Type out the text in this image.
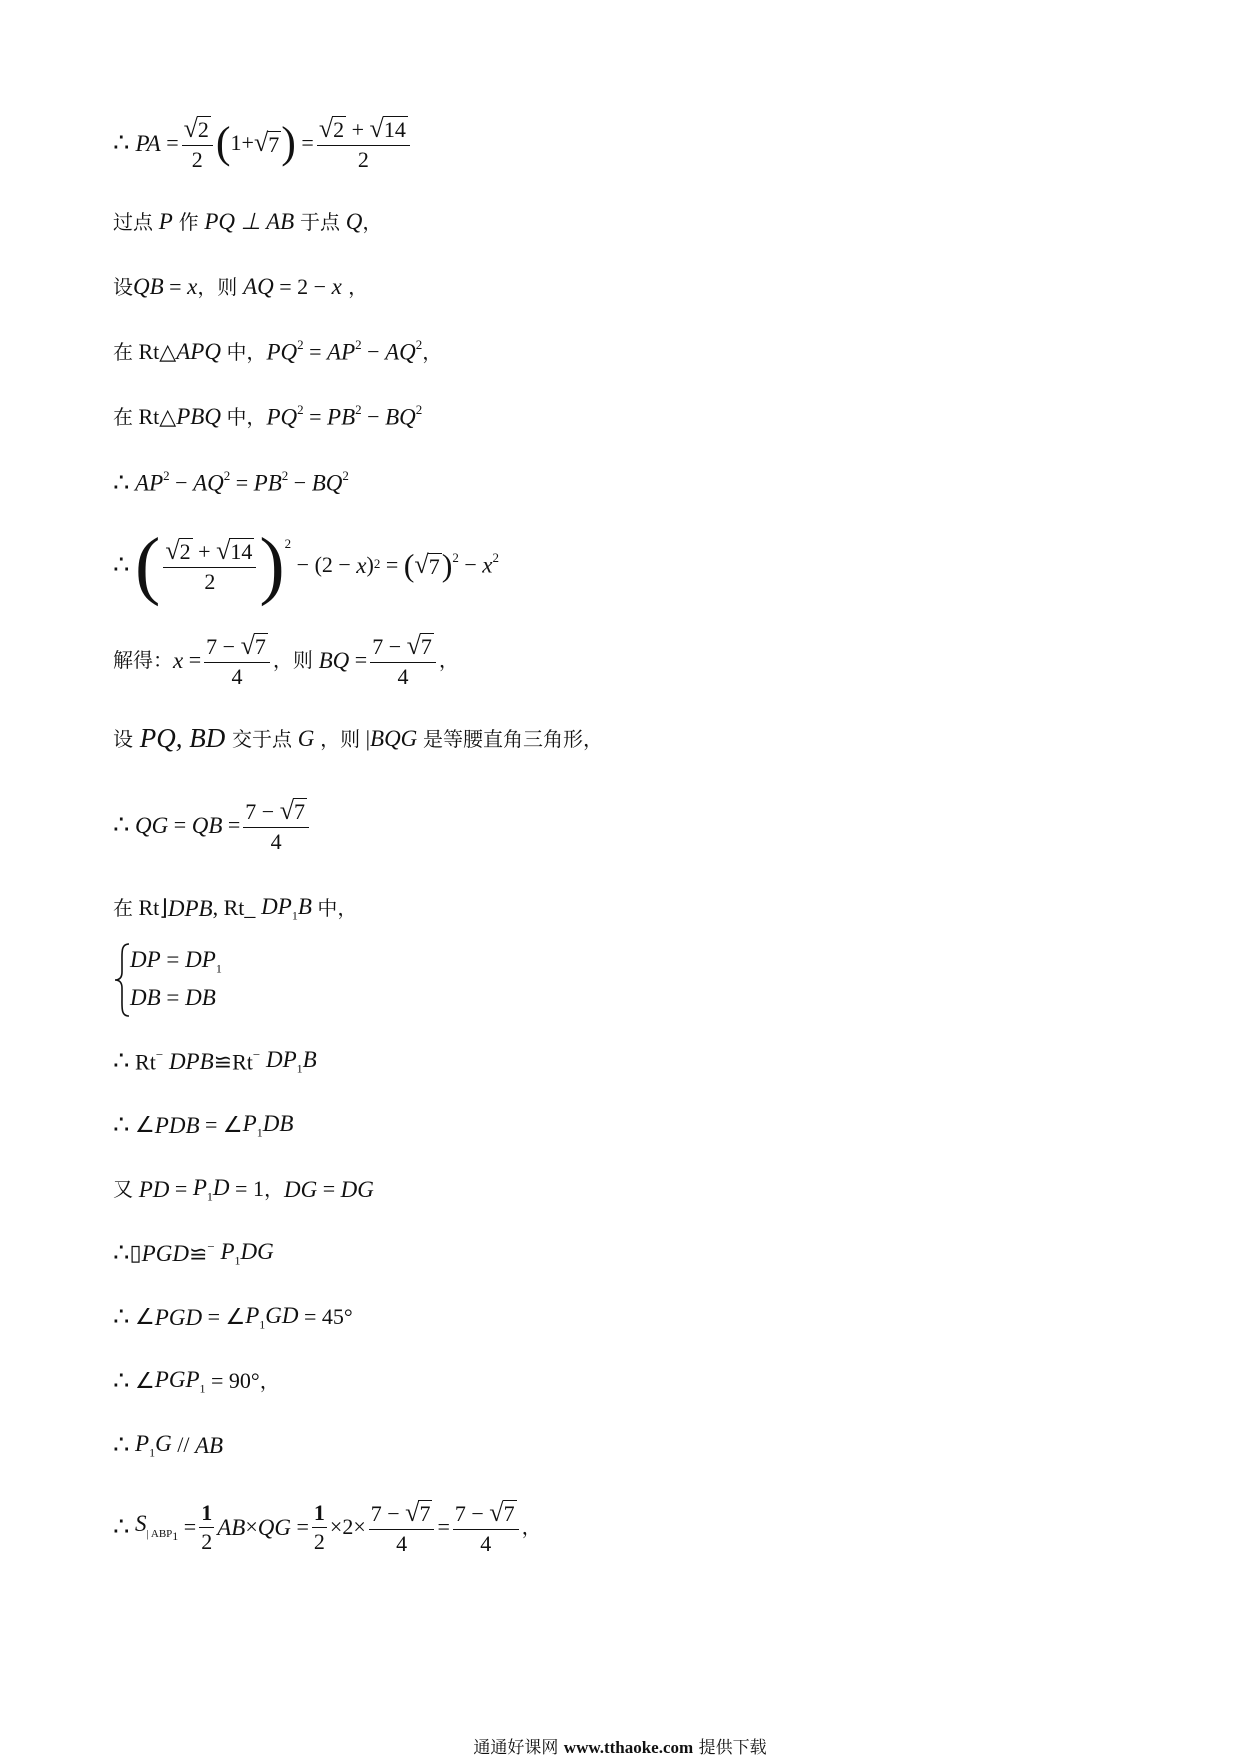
∴ PA
= $\frac{√ 2}{2}$ ( 1+ √ 7 )
= $\frac{√ 2 + √ 14}{2}$
过点 P 作 PQ ⊥ AB 于点 Q ，
设 QB = x ，则 AQ = 2 − x ，
在 Rt△ APQ
中， $PQ^2 = AP^2 - AQ^2$ ，
在 Rt△ PBQ
中， $PQ^2 = PB^2 - BQ^2$
∴
$AP^2 - AQ^2 = PB^2 - BQ^2$
∴
( $\frac{√ 2 + √ 14}{2} )^2$
− (2 − x )$^2$ = ( √ 7 )$^2 - x^2$
解得： $x = \frac{7 - √ 7}{4}$ ，则 BQ = $\frac{7 - √ 7}{4}$ ，
设 PQ, BD 交于点 G ，则 | BQG 是等腰直角三角形，
∴
QG = QB = $\frac{7 - √ 7}{4}$
在 Rt⌋ DPB , Rt_ $DP_1B$
中，
DP = $DP_1$
DB = DB
∴
Rt− DPB ≌Rt− $DP_1B$
∴
∠ PDB = ∠ $P_1DB$
又 PD = $P_1D = 1$ ， DG = DG
∴ ▯ PGD ≌− $P_1DG$
∴
∠ PGD = ∠ $P_1GD = 45^\circ$
∴
∠ $PGP_1 = 90^\circ$ ，
∴
$P_1G$ // AB
∴
$S_{| ABP_1} = \frac{1}{2}$ AB × QG = $\frac{1}{2} \times 2\times \frac{7 - √ 7}{4} = \frac{7 - √ 7}{4}$ ，
通通好课网 www.tthaoke.com 提供下载
